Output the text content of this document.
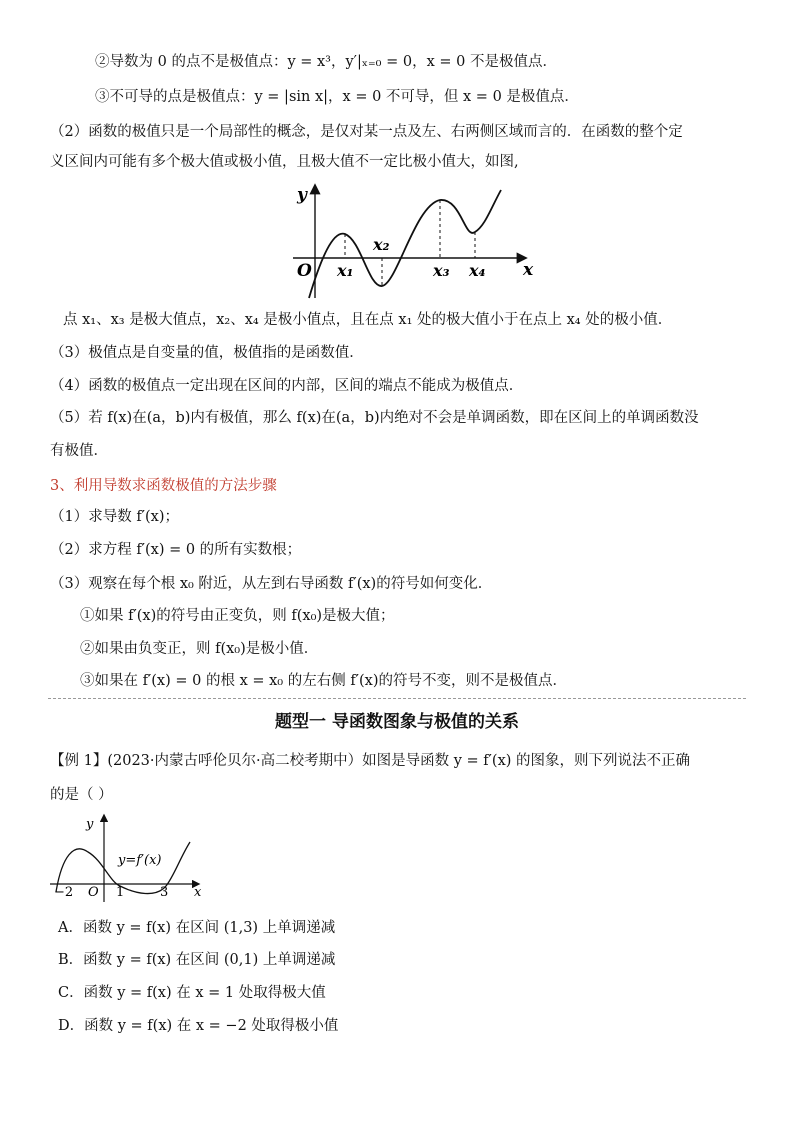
②导数为 0 的点不是极值点：y = x³，y′|ₓ₌₀ = 0，x = 0 不是极值点．
③不可导的点是极值点：y = |sin x|，x = 0 不可导，但 x = 0 是极值点．
（2）函数的极值只是一个局部性的概念，是仅对某一点及左、右两侧区域而言的．在函数的整个定
义区间内可能有多个极大值或极小值，且极大值不一定比极小值大，如图,
y
x
O x₁
x₂
x₃ x₄
点 x₁、x₃ 是极大值点，x₂、x₄ 是极小值点，且在点 x₁ 处的极大值小于在点上 x₄ 处的极小值．
（3）极值点是自变量的值，极值指的是函数值．
（4）函数的极值点一定出现在区间的内部，区间的端点不能成为极值点．
（5）若 f(x)在(a，b)内有极值，那么 f(x)在(a，b)内绝对不会是单调函数，即在区间上的单调函数没
有极值．
3、利用导数求函数极值的方法步骤
（1）求导数 f′(x)；
（2）求方程 f′(x) = 0 的所有实数根；
（3）观察在每个根 x₀ 附近，从左到右导函数 f′(x)的符号如何变化．
①如果 f′(x)的符号由正变负，则 f(x₀)是极大值；
②如果由负变正，则 f(x₀)是极小值．
③如果在 f′(x) = 0 的根 x = x₀ 的左右侧 f′(x)的符号不变，则不是极值点．
题型一 导函数图象与极值的关系
【例 1】(2023·内蒙古呼伦贝尔·高二校考期中）如图是导函数 y = f′(x) 的图象，则下列说法不正确
的是（ ）
y
x
O
y=f′(x)
−2	1	3
A．函数 y = f(x) 在区间 (1,3) 上单调递减
B．函数 y = f(x) 在区间 (0,1) 上单调递减
C．函数 y = f(x) 在 x = 1 处取得极大值
D．函数 y = f(x) 在 x = −2 处取得极小值
